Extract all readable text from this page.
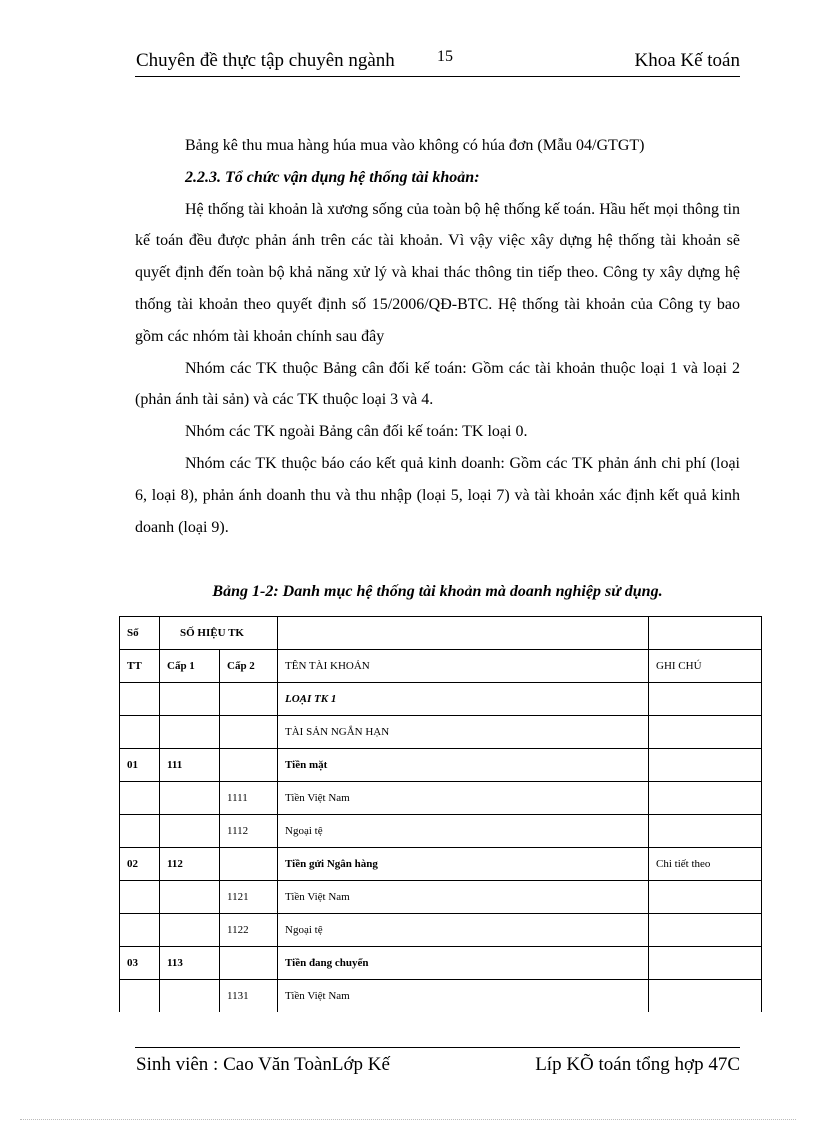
Chuyên đề thực tập chuyên ngành	15	Khoa Kế toán

Bảng kê thu mua hàng húa mua vào không có húa đơn (Mẫu 04/GTGT)

2.2.3. Tổ chức vận dụng hệ thống tài khoản:

Hệ thống tài khoản là xương sống của toàn bộ hệ thống kế toán. Hầu hết mọi thông tin kế toán đều được phản ánh trên các tài khoản. Vì vậy việc xây dựng hệ thống tài khoản sẽ quyết định đến toàn bộ khả năng xử lý và khai thác thông tin tiếp theo. Công ty xây dựng hệ thống tài khoản theo quyết định số 15/2006/QĐ-BTC. Hệ thống tài khoản của Công ty bao gồm các nhóm tài khoản chính sau đây

Nhóm các TK thuộc Bảng cân đối kế toán: Gồm các tài khoản thuộc loại 1 và loại 2 (phản ánh tài sản) và các TK thuộc loại 3 và 4.

Nhóm các TK ngoài Bảng cân đối kế toán: TK loại 0.

Nhóm các TK thuộc báo cáo kết quả kinh doanh: Gồm các TK phản ánh chi phí (loại 6, loại 8), phản ánh doanh thu và thu nhập (loại 5, loại 7) và tài khoản xác định kết quả kinh doanh (loại 9).

Bảng 1-2: Danh mục hệ thống tài khoản mà doanh nghiệp sử dụng.
Số	SỐ HIỆU TK			
TT	Cấp 1	Cấp 2	TÊN TÀI KHOẢN	GHI CHÚ
			LOẠI TK 1	
			TÀI SẢN NGẮN HẠN	
01	111		Tiền mặt	
		1111	Tiền Việt Nam	
		1112	Ngoại tệ	
02	112		Tiền gửi Ngân hàng	Chi tiết theo
		1121	Tiền Việt Nam	
		1122	Ngoại tệ	
03	113		Tiền đang chuyển	
		1131	Tiền Việt Nam	
Sinh viên : Cao Văn ToànLớp Kế	Líp KÕ toán tổng hợp 47C
